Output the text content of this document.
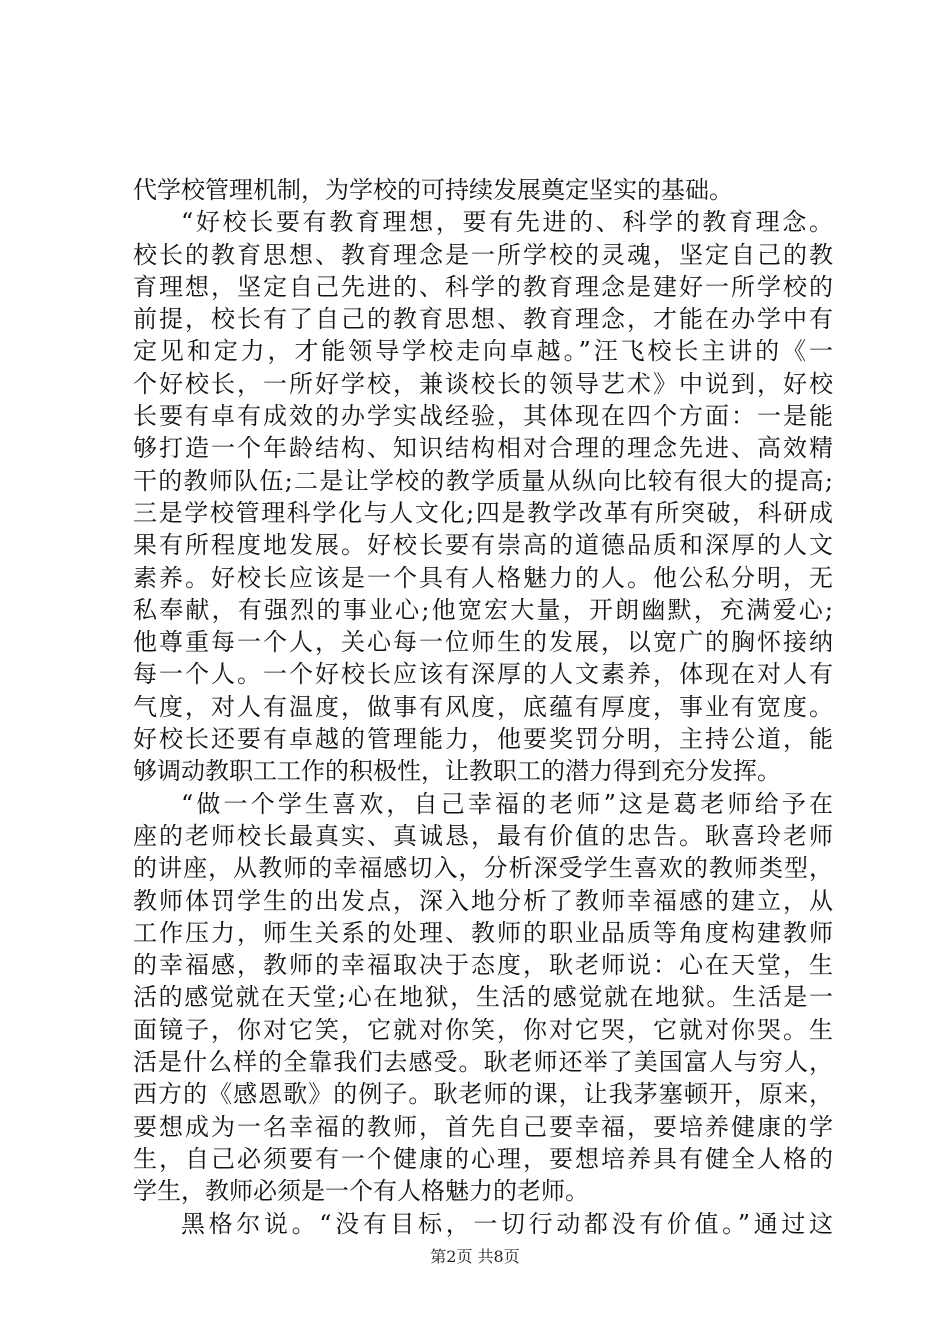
代学校管理机制，为学校的可持续发展奠定坚实的基础。
“好校长要有教育理想，要有先进的、科学的教育理念。
校长的教育思想、教育理念是一所学校的灵魂，坚定自己的教
育理想，坚定自己先进的、科学的教育理念是建好一所学校的
前提，校长有了自己的教育思想、教育理念，才能在办学中有
定见和定力，才能领导学校走向卓越。”汪飞校长主讲的《一
个好校长，一所好学校，兼谈校长的领导艺术》中说到，好校
长要有卓有成效的办学实战经验，其体现在四个方面：一是能
够打造一个年龄结构、知识结构相对合理的理念先进、高效精
干的教师队伍;二是让学校的教学质量从纵向比较有很大的提高;
三是学校管理科学化与人文化;四是教学改革有所突破，科研成
果有所程度地发展。好校长要有崇高的道德品质和深厚的人文
素养。好校长应该是一个具有人格魅力的人。他公私分明，无
私奉献，有强烈的事业心;他宽宏大量，开朗幽默，充满爱心;
他尊重每一个人，关心每一位师生的发展，以宽广的胸怀接纳
每一个人。一个好校长应该有深厚的人文素养，体现在对人有
气度，对人有温度，做事有风度，底蕴有厚度，事业有宽度。
好校长还要有卓越的管理能力，他要奖罚分明，主持公道，能
够调动教职工工作的积极性，让教职工的潜力得到充分发挥。
“做一个学生喜欢，自己幸福的老师”这是葛老师给予在
座的老师校长最真实、真诚恳，最有价值的忠告。耿喜玲老师
的讲座，从教师的幸福感切入，分析深受学生喜欢的教师类型，
教师体罚学生的出发点，深入地分析了教师幸福感的建立，从
工作压力，师生关系的处理、教师的职业品质等角度构建教师
的幸福感，教师的幸福取决于态度，耿老师说：心在天堂，生
活的感觉就在天堂;心在地狱，生活的感觉就在地狱。生活是一
面镜子，你对它笑，它就对你笑，你对它哭，它就对你哭。生
活是什么样的全靠我们去感受。耿老师还举了美国富人与穷人，
西方的《感恩歌》的例子。耿老师的课，让我茅塞顿开，原来，
要想成为一名幸福的教师，首先自己要幸福，要培养健康的学
生，自己必须要有一个健康的心理，要想培养具有健全人格的
学生，教师必须是一个有人格魅力的老师。
黑格尔说。“没有目标，一切行动都没有价值。”通过这
第2页 共8页
